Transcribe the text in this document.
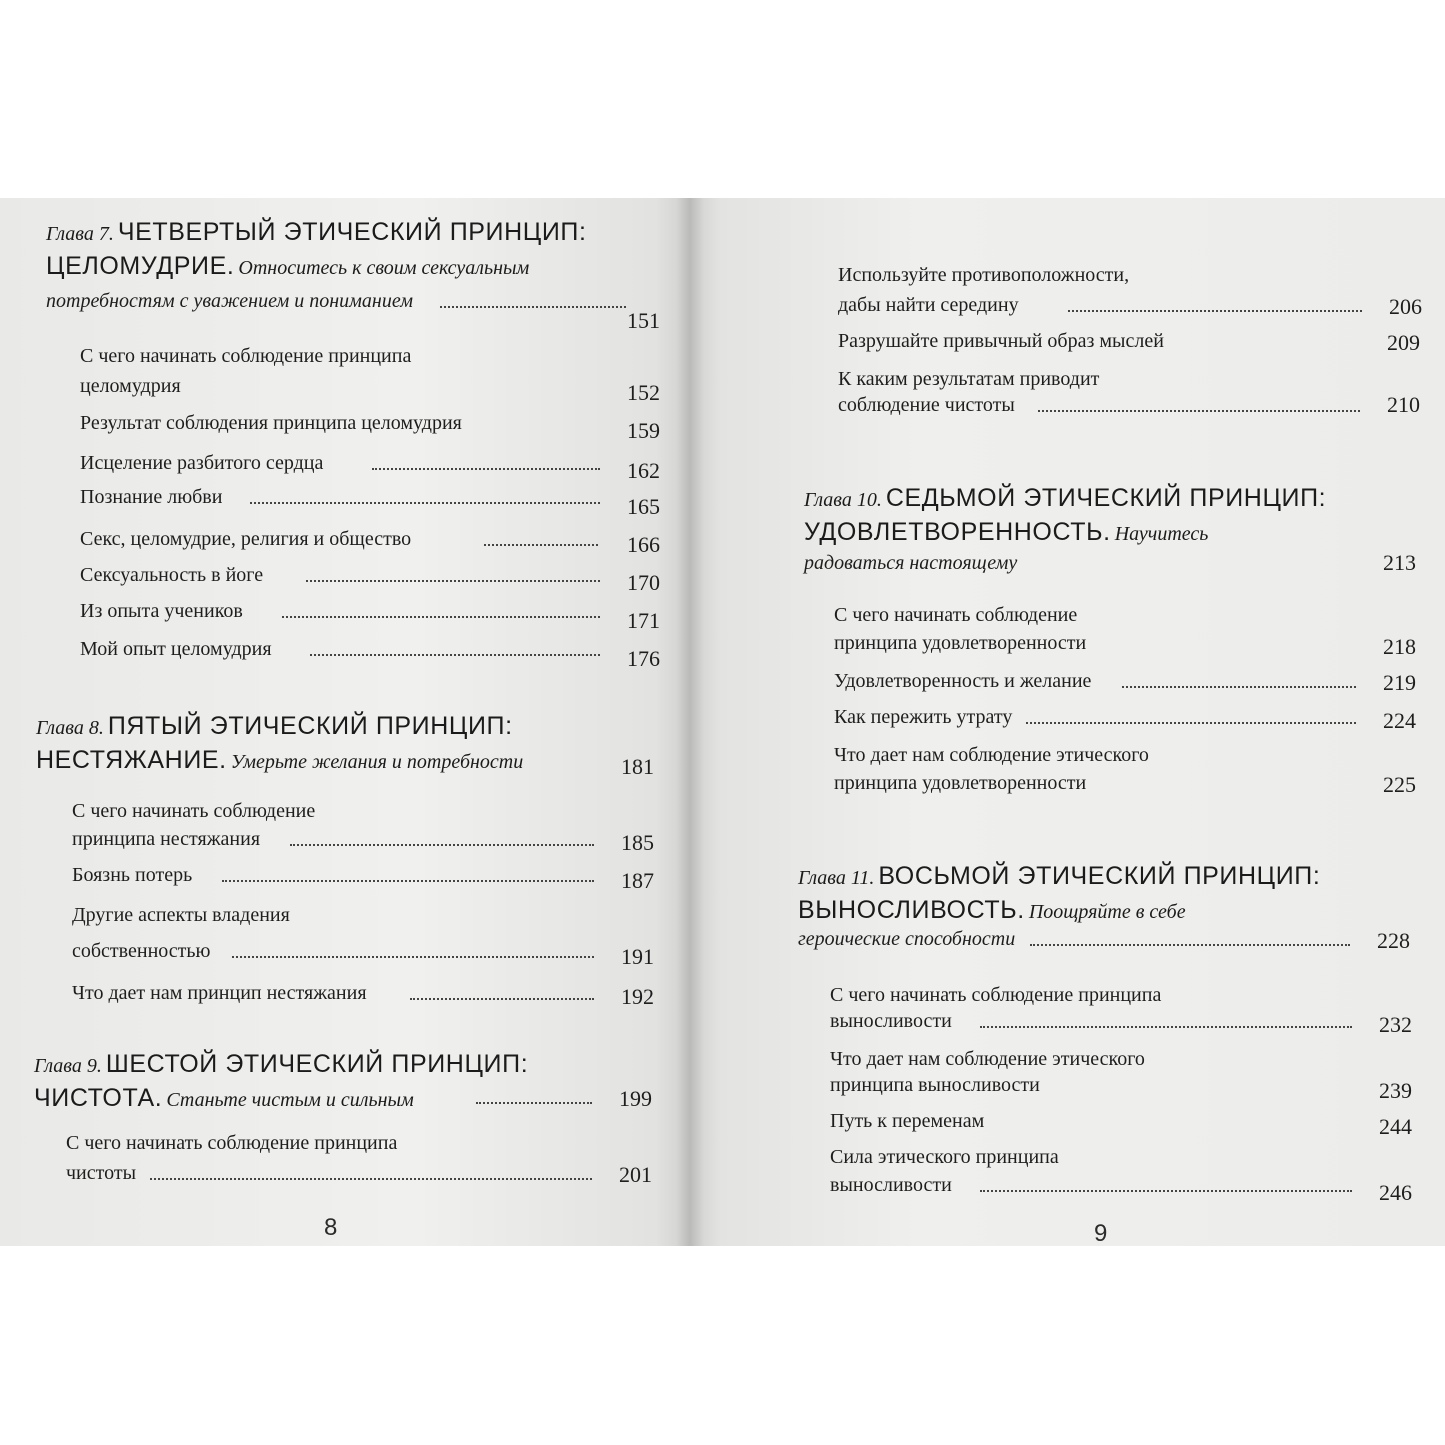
Глава 7. ЧЕТВЕРТЫЙ ЭТИЧЕСКИЙ ПРИНЦИП:
ЦЕЛОМУДРИЕ. Относитесь к своим сексуальным
потребностям с уважением и пониманием
151
С чего начинать соблюдение принципа
целомудрия	152
Результат соблюдения принципа целомудрия	159
Исцеление разбитого сердца	162
Познание любви	165
Секс, целомудрие, религия и общество	166
Сексуальность в йоге	170
Из опыта учеников	171
Мой опыт целомудрия	176
Глава 8. ПЯТЫЙ ЭТИЧЕСКИЙ ПРИНЦИП:
НЕСТЯЖАНИЕ. Умерьте желания и потребности	181
С чего начинать соблюдение
принципа нестяжания	185
Боязнь потерь	187
Другие аспекты владения
собственностью	191
Что дает нам принцип нестяжания	192
Глава 9. ШЕСТОЙ ЭТИЧЕСКИЙ ПРИНЦИП:
ЧИСТОТА. Станьте чистым и сильным	199
С чего начинать соблюдение принципа
чистоты	201
8
Используйте противоположности,
дабы найти середину	206
Разрушайте привычный образ мыслей	209
К каким результатам приводит
соблюдение чистоты	210
Глава 10. СЕДЬМОЙ ЭТИЧЕСКИЙ ПРИНЦИП:
УДОВЛЕТВОРЕННОСТЬ. Научитесь
радоваться настоящему	213
С чего начинать соблюдение
принципа удовлетворенности	218
Удовлетворенность и желание	219
Как пережить утрату	224
Что дает нам соблюдение этического
принципа удовлетворенности	225
Глава 11. ВОСЬМОЙ ЭТИЧЕСКИЙ ПРИНЦИП:
ВЫНОСЛИВОСТЬ. Поощряйте в себе
героические способности	228
С чего начинать соблюдение принципа
выносливости	232
Что дает нам соблюдение этического
принципа выносливости	239
Путь к переменам	244
Сила этического принципа
выносливости	246
9
